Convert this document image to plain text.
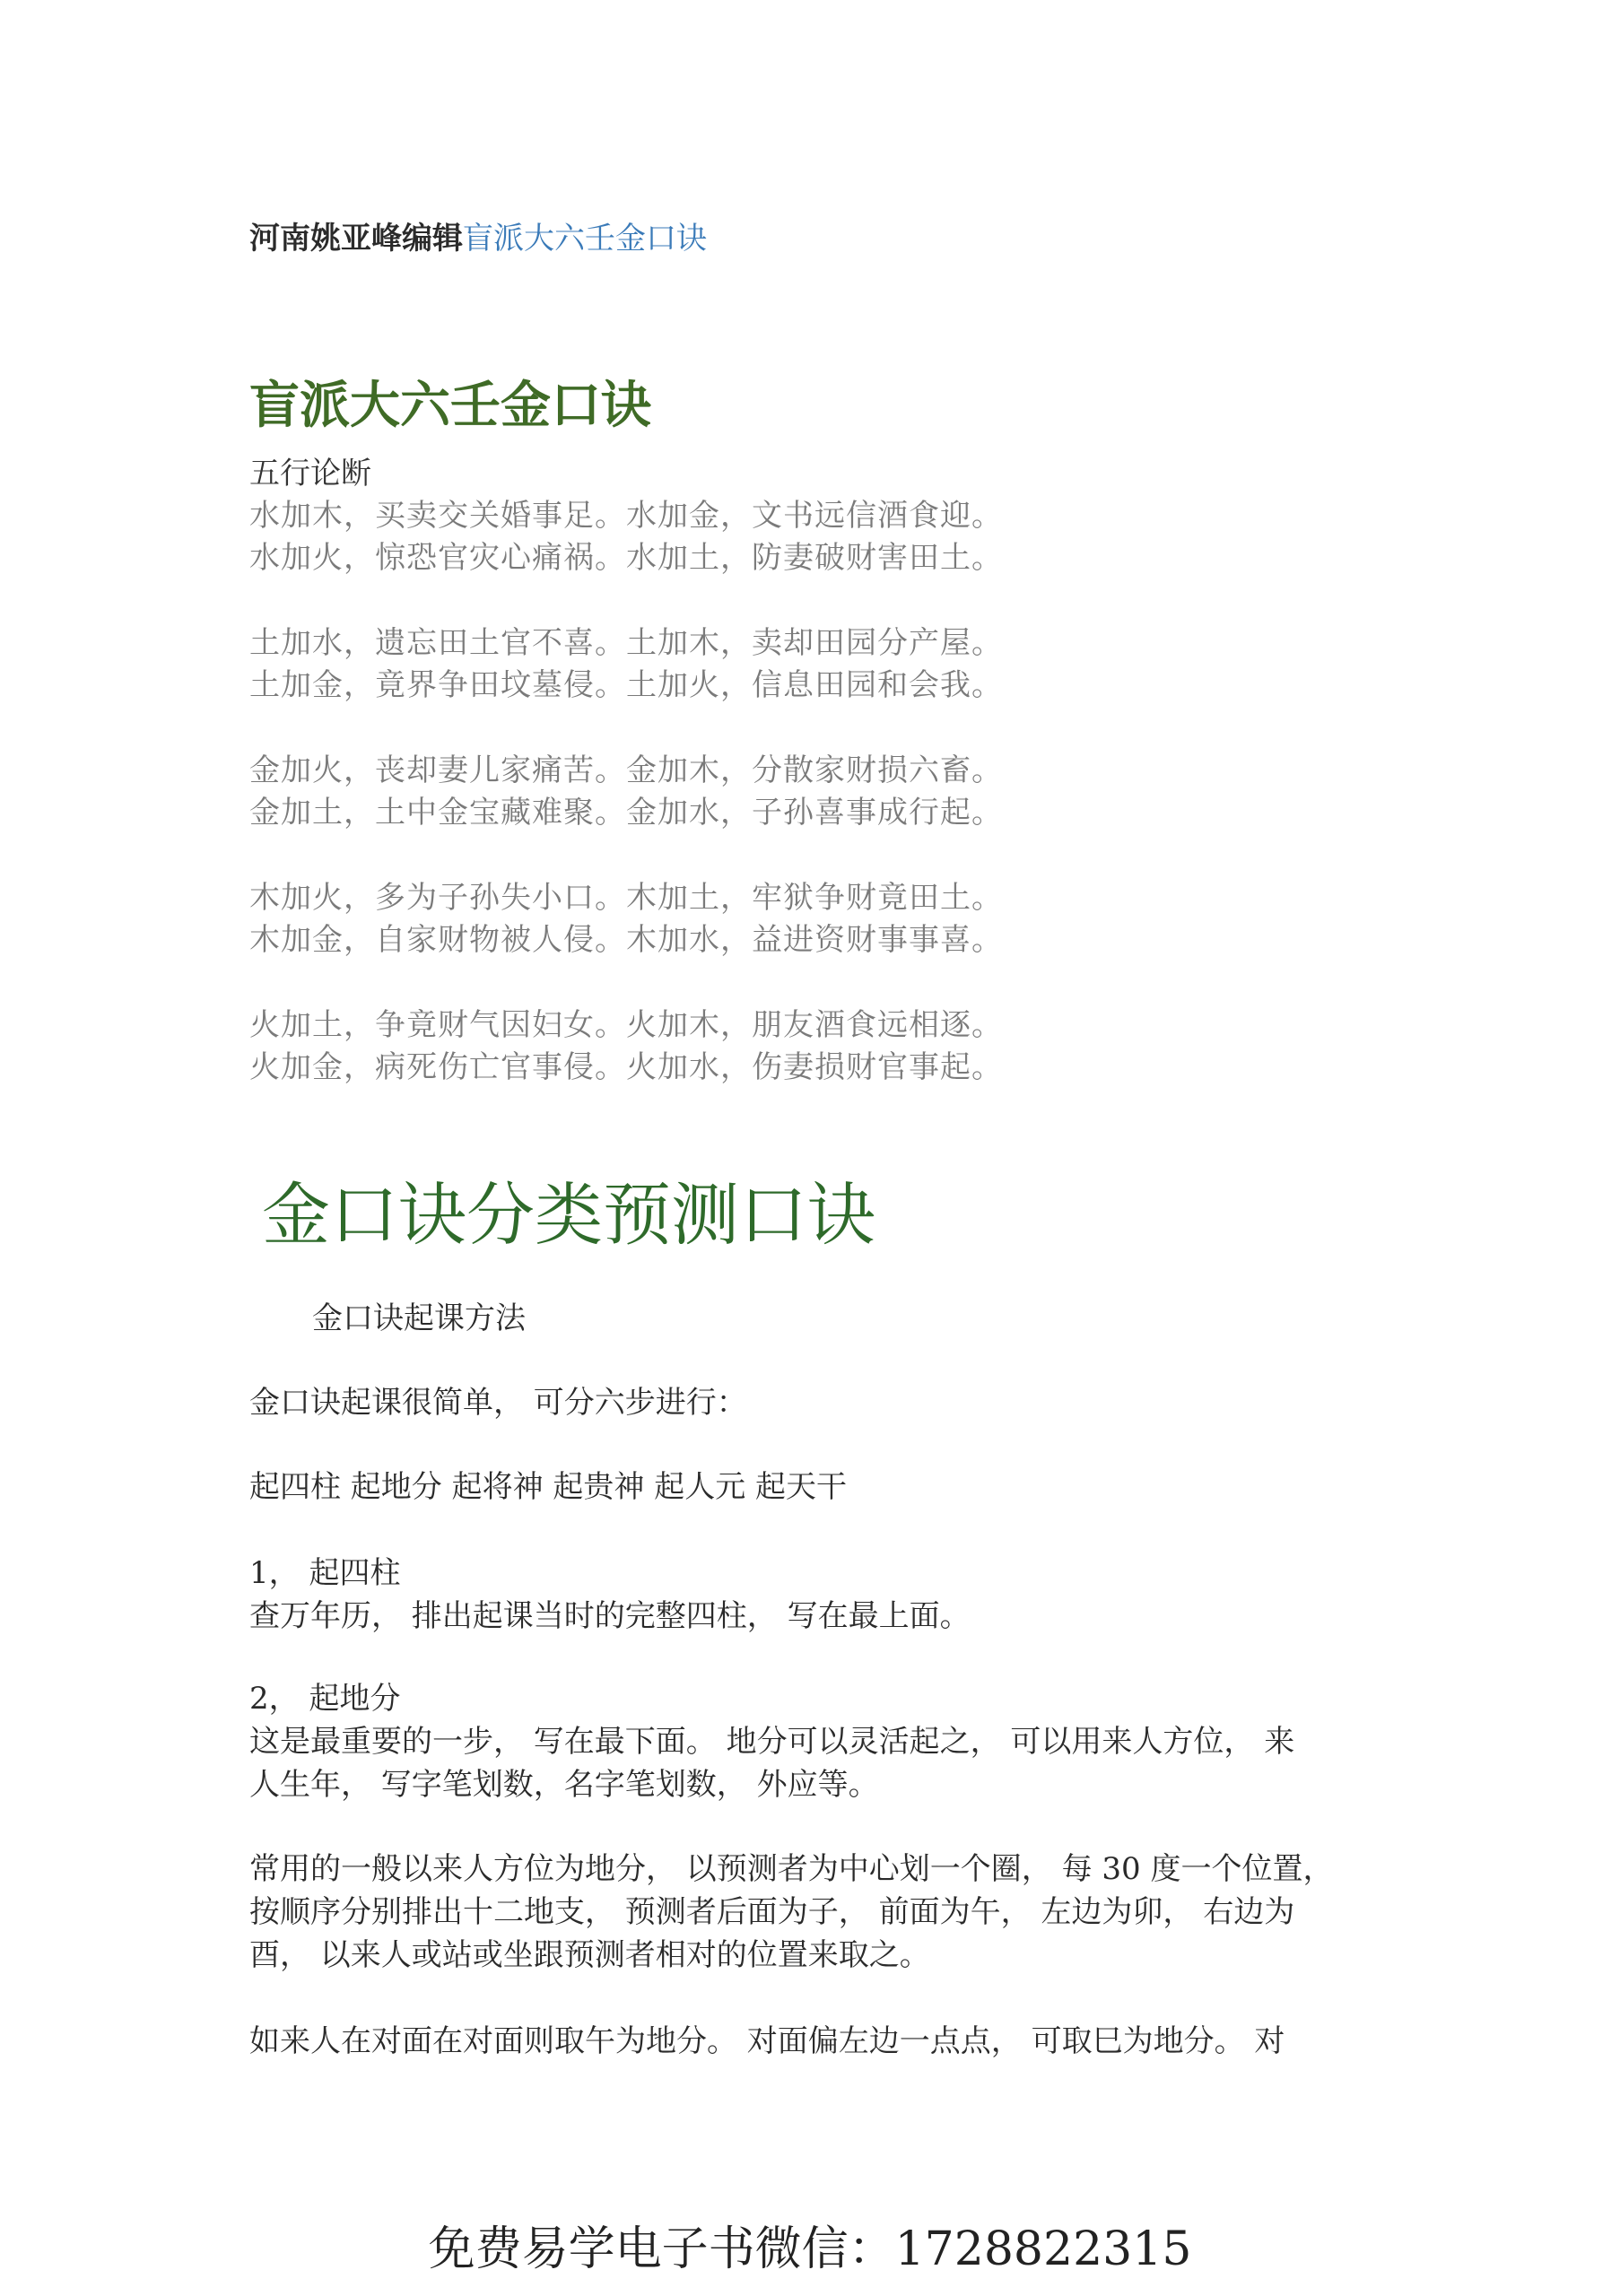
河南姚亚峰编辑盲派大六壬金口诀
盲派大六壬金口诀
五行论断
水加木，买卖交关婚事足。水加金，文书远信酒食迎。
水加火，惊恐官灾心痛祸。水加土，防妻破财害田土。
土加水，遗忘田土官不喜。土加木，卖却田园分产屋。
土加金，竟界争田坟墓侵。土加火，信息田园和会我。
金加火，丧却妻儿家痛苦。金加木，分散家财损六畜。
金加土，土中金宝藏难聚。金加水，子孙喜事成行起。
木加火，多为子孙失小口。木加土，牢狱争财竟田土。
木加金，自家财物被人侵。木加水，益进资财事事喜。
火加土，争竟财气因妇女。火加木，朋友酒食远相逐。
火加金，病死伤亡官事侵。火加水，伤妻损财官事起。
金口诀分类预测口诀
金口诀起课方法
金口诀起课很简单， 可分六步进行：
起四柱 起地分 起将神 起贵神 起人元 起天干
1， 起四柱
查万年历， 排出起课当时的完整四柱， 写在最上面。
2， 起地分
这是最重要的一步， 写在最下面。 地分可以灵活起之， 可以用来人方位， 来
人生年， 写字笔划数，名字笔划数， 外应等。
常用的一般以来人方位为地分， 以预测者为中心划一个圈， 每 30 度一个位置，
按顺序分别排出十二地支， 预测者后面为子， 前面为午， 左边为卯， 右边为
酉， 以来人或站或坐跟预测者相对的位置来取之。
如来人在对面在对面则取午为地分。 对面偏左边一点点， 可取巳为地分。 对
免费易学电子书微信：1728822315
